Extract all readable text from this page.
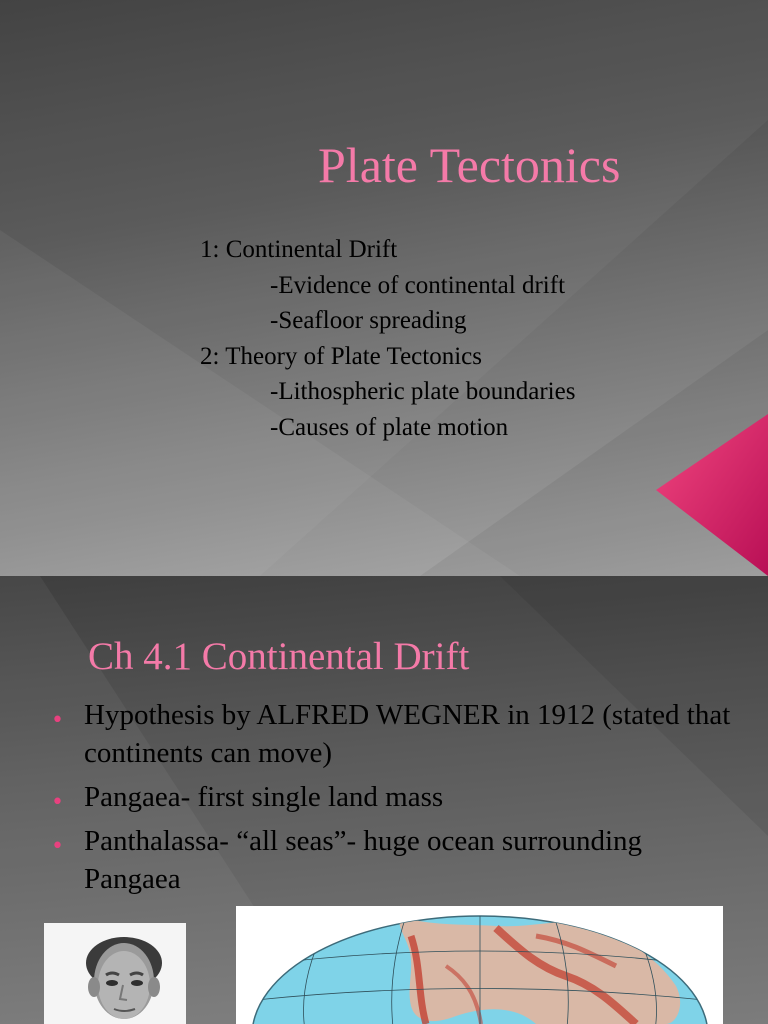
Plate Tectonics
1: Continental Drift
-Evidence of continental drift
-Seafloor spreading
2: Theory of Plate Tectonics
-Lithospheric plate boundaries
-Causes of plate motion
Ch 4.1 Continental Drift
• Hypothesis by ALFRED WEGNER in 1912 (stated that continents can move)
• Pangaea- first single land mass
• Panthalassa- “all seas”- huge ocean surrounding Pangaea
